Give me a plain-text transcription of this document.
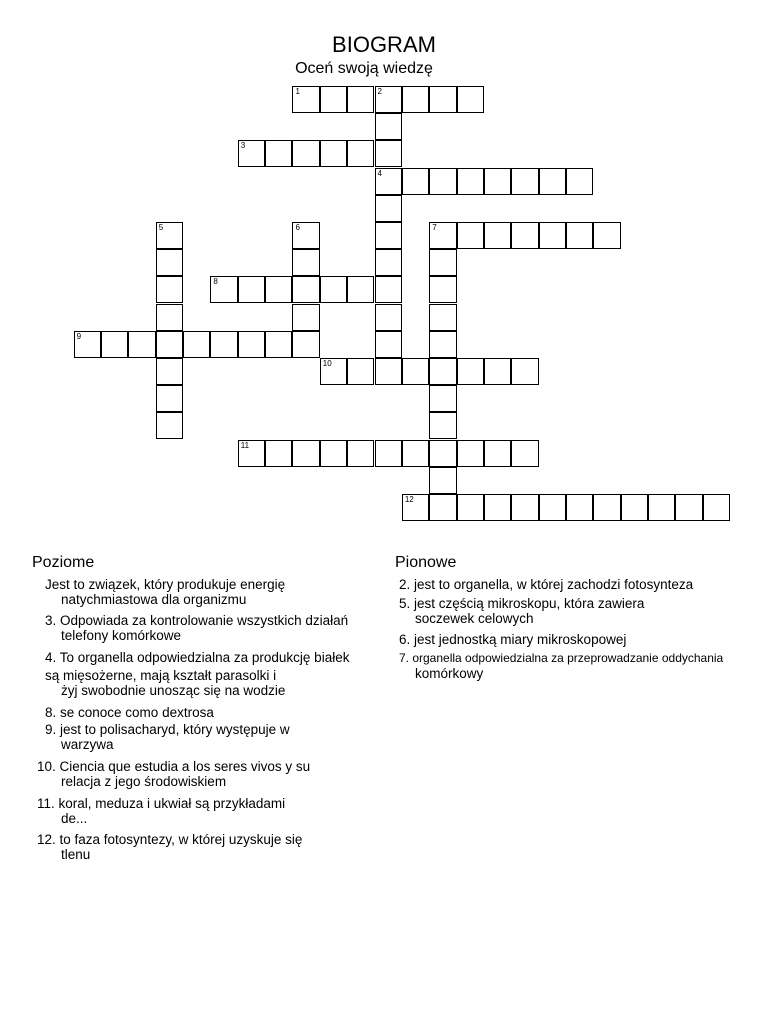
BIOGRAM
Oceń swoją wiedzę
1	2
4
3
5	6	7
8
9
10
11
12
Poziome	Pionowe
Jest to związek, który produkuje energię
natychmiastowa dla organizmu
3. Odpowiada za kontrolowanie wszystkich działań
telefony komórkowe
4. To organella odpowiedzialna za produkcję białek
są mięsożerne, mają kształt parasolki i
żyj swobodnie unosząc się na wodzie
8. se conoce como dextrosa
9. jest to polisacharyd, który występuje w
warzywa
10. Ciencia que estudia a los seres vivos y su
relacja z jego środowiskiem
11. koral, meduza i ukwiał są przykładami
de...
12. to faza fotosyntezy, w której uzyskuje się
tlenu
2. jest to organella, w której zachodzi fotosynteza
5. jest częścią mikroskopu, która zawiera
soczewek celowych
6. jest jednostką miary mikroskopowej
7. organella odpowiedzialna za przeprowadzanie oddychania
komórkowy
